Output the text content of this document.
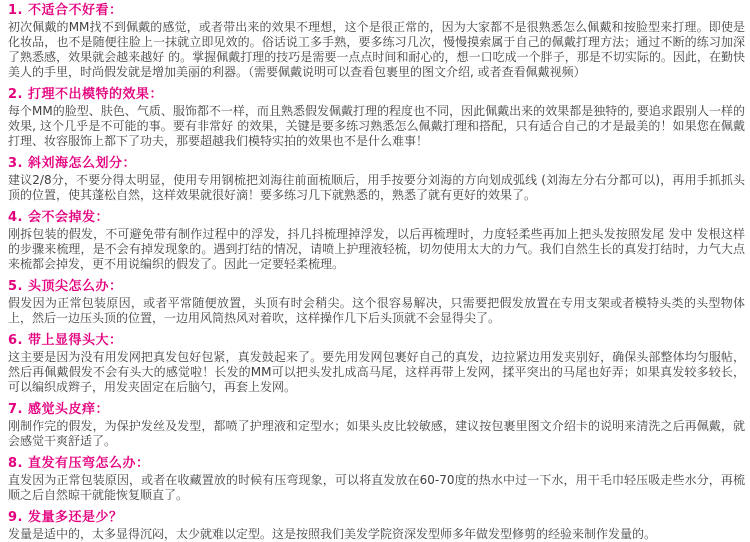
1. 不适合不好看：

初次佩戴的MM找不到佩戴的感觉，或者带出来的效果不理想，这个是很正常的，因为大家都不是很熟悉怎么佩戴和按脸型来打理。即使是化妆品，也不是随便往脸上一抹就立即见效的。俗话说工多手熟，要多练习几次，慢慢摸索属于自己的佩戴打理方法；通过不断的练习加深了熟悉感，效果就会越来越好 的。掌握佩戴打理的技巧是需要一点点时间和耐心的，想一口吃成一个胖子，那是不切实际的。因此，在勤快美人的手里，时尚假发就是增加美丽的利器。（需要佩戴说明可以查看包裹里的图文介绍, 或者查看佩戴视频）

2. 打理不出模特的效果：

每个MM的脸型、肤色、气质、服饰都不一样，而且熟悉假发佩戴打理的程度也不同，因此佩戴出来的效果都是独特的, 要追求跟别人一样的效果, 这个几乎是不可能的事。要有非常好 的效果，关键是要多练习熟悉怎么佩戴打理和搭配，只有适合自己的才是最美的！如果您在佩戴打理、妆容服饰上都下了功夫，那要超越我们模特实拍的效果也不是什么难事！

3. 斜刘海怎么划分：

建议2/8分，不要分得太明显，使用专用钢梳把刘海往前面梳顺后，用手按要分刘海的方向划成弧线 (刘海左分右分都可以)，再用手抓抓头顶的位置，使其蓬松自然，这样效果就很好滴！要多练习几下就熟悉的，熟悉了就有更好的效果了。

4. 会不会掉发：

刚拆包装的假发，不可避免带有制作过程中的浮发，抖几抖梳理掉浮发，以后再梳理时，力度轻柔些再加上把头发按照发尾 发中 发根这样的步骤来梳理，是不会有掉发现象的。遇到打结的情况，请喷上护理液轻梳，切勿使用太大的力气。我们自然生长的真发打结时，力气大点来梳都会掉发，更不用说编织的假发了。因此一定要轻柔梳理。

5. 头顶尖怎么办：

假发因为正常包装原因，或者平常随便放置，头顶有时会稍尖。这个很容易解决，只需要把假发放置在专用支架或者模特头类的头型物体上，然后一边压头顶的位置，一边用风筒热风对着吹，这样操作几下后头顶就不会显得尖了。

6. 带上显得头大：

这主要是因为没有用发网把真发包好包紧，真发鼓起来了。要先用发网包裹好自己的真发，边拉紧边用发夹别好，确保头部整体均匀服帖，然后再佩戴假发不会有头大的感觉啦！长发的MM可以把头发扎成高马尾，这样再带上发网，揉平突出的马尾也好弄；如果真发较多较长，可以编织成辫子，用发夹固定在后脑勺，再套上发网。

7. 感觉头皮痒：

刚制作完的假发，为保护发丝及发型，都喷了护理液和定型水；如果头皮比较敏感，建议按包裹里图文介绍卡的说明来清洗之后再佩戴，就会感觉干爽舒适了。

8. 直发有压弯怎么办：

直发因为正常包装原因，或者在收藏置放的时候有压弯现象，可以将直发放在60-70度的热水中过一下水，用干毛巾轻压吸走些水分，再梳顺之后自然晾干就能恢复顺直了。

9. 发量多还是少？

发量是适中的，太多显得沉闷，太少就难以定型。这是按照我们美发学院资深发型师多年做发型修剪的经验来制作发量的。
